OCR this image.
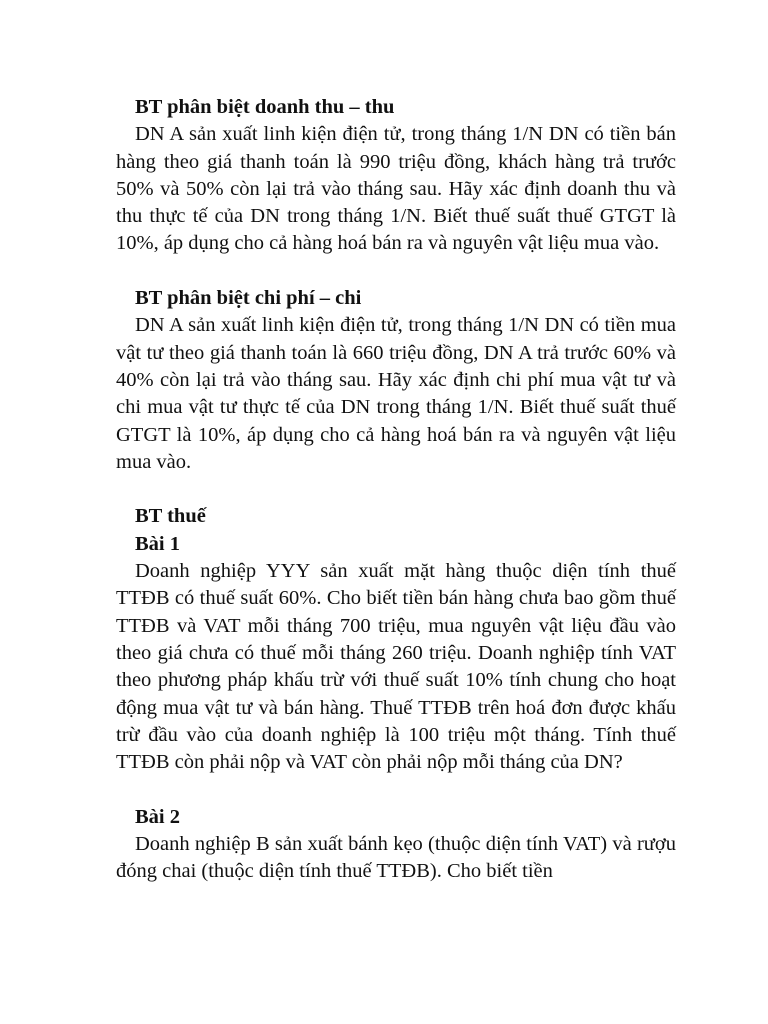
BT phân biệt doanh thu – thu

DN A sản xuất linh kiện điện tử, trong tháng 1/N DN có tiền bán hàng theo giá thanh toán là 990 triệu đồng, khách hàng trả trước 50% và 50% còn lại trả vào tháng sau. Hãy xác định doanh thu và thu thực tế của DN trong tháng 1/N. Biết thuế suất thuế GTGT là 10%, áp dụng cho cả hàng hoá bán ra và nguyên vật liệu mua vào.

BT phân biệt chi phí – chi

DN A sản xuất linh kiện điện tử, trong tháng 1/N DN có tiền mua vật tư theo giá thanh toán là 660 triệu đồng, DN A trả trước 60% và 40% còn lại trả vào tháng sau. Hãy xác định chi phí mua vật tư và chi mua vật tư thực tế của DN trong tháng 1/N. Biết thuế suất thuế GTGT là 10%, áp dụng cho cả hàng hoá bán ra và nguyên vật liệu mua vào.

BT thuế

Bài 1

Doanh nghiệp YYY sản xuất mặt hàng thuộc diện tính thuế TTĐB có thuế suất 60%. Cho biết tiền bán hàng chưa bao gồm thuế TTĐB và VAT mỗi tháng 700 triệu, mua nguyên vật liệu đầu vào theo giá chưa có thuế mỗi tháng 260 triệu. Doanh nghiệp tính VAT theo phương pháp khấu trừ với thuế suất 10% tính chung cho hoạt động mua vật tư và bán hàng. Thuế TTĐB trên hoá đơn được khấu trừ đầu vào của doanh nghiệp là 100 triệu một tháng. Tính thuế TTĐB còn phải nộp và VAT còn phải nộp mỗi tháng của DN?

Bài 2

Doanh nghiệp B sản xuất bánh kẹo (thuộc diện tính VAT) và rượu đóng chai (thuộc diện tính thuế TTĐB). Cho biết tiền
